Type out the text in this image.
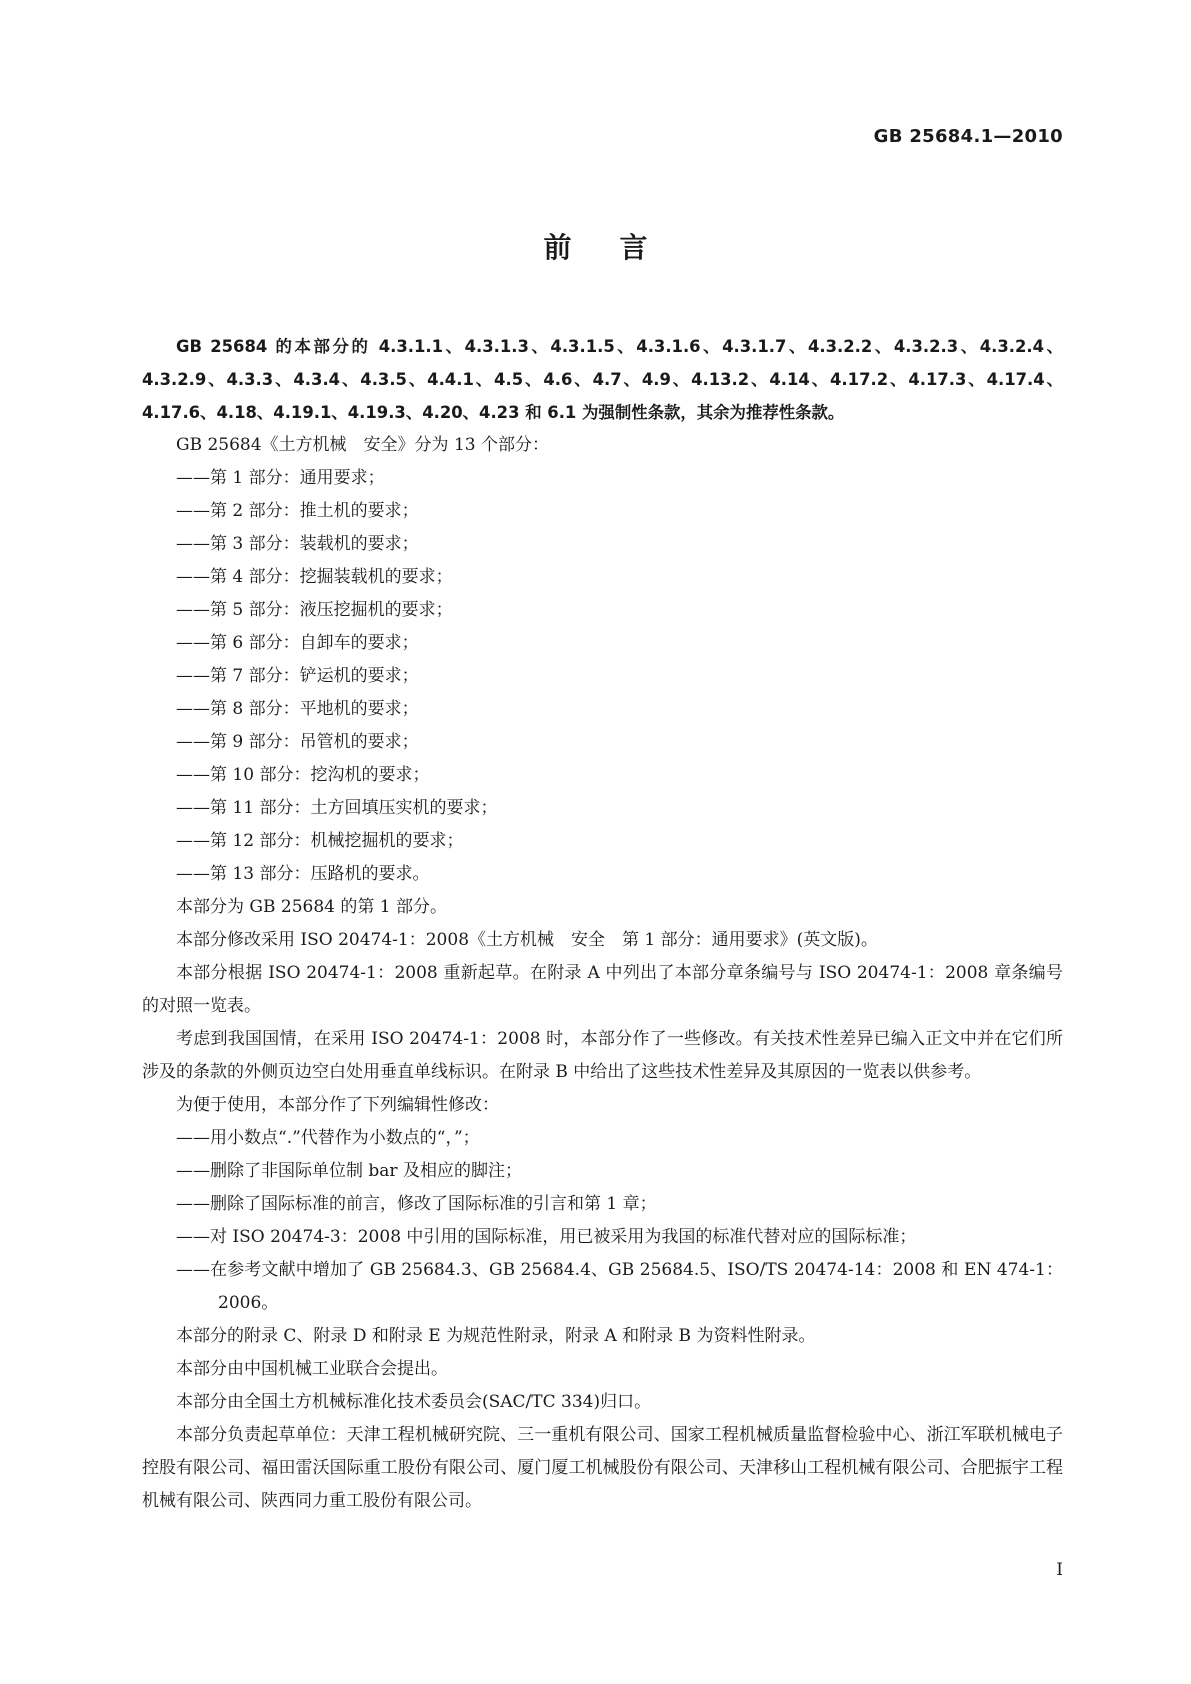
GB 25684.1—2010
前言

GB 25684 的本部分的 4.3.1.1、4.3.1.3、4.3.1.5、4.3.1.6、4.3.1.7、4.3.2.2、4.3.2.3、4.3.2.4、4.3.2.9、4.3.3、4.3.4、4.3.5、4.4.1、4.5、4.6、4.7、4.9、4.13.2、4.14、4.17.2、4.17.3、4.17.4、4.17.6、4.18、4.19.1、4.19.3、4.20、4.23 和 6.1 为强制性条款，其余为推荐性条款。

GB 25684《土方机械　安全》分为 13 个部分：

——第 1 部分：通用要求；

——第 2 部分：推土机的要求；

——第 3 部分：装载机的要求；

——第 4 部分：挖掘装载机的要求；

——第 5 部分：液压挖掘机的要求；

——第 6 部分：自卸车的要求；

——第 7 部分：铲运机的要求；

——第 8 部分：平地机的要求；

——第 9 部分：吊管机的要求；

——第 10 部分：挖沟机的要求；

——第 11 部分：土方回填压实机的要求；

——第 12 部分：机械挖掘机的要求；

——第 13 部分：压路机的要求。

本部分为 GB 25684 的第 1 部分。

本部分修改采用 ISO 20474-1：2008《土方机械　安全　第 1 部分：通用要求》(英文版)。

本部分根据 ISO 20474-1：2008 重新起草。在附录 A 中列出了本部分章条编号与 ISO 20474-1：2008 章条编号的对照一览表。

考虑到我国国情，在采用 ISO 20474-1：2008 时，本部分作了一些修改。有关技术性差异已编入正文中并在它们所涉及的条款的外侧页边空白处用垂直单线标识。在附录 B 中给出了这些技术性差异及其原因的一览表以供参考。

为便于使用，本部分作了下列编辑性修改：

——用小数点“.”代替作为小数点的“，”；

——删除了非国际单位制 bar 及相应的脚注；

——删除了国际标准的前言，修改了国际标准的引言和第 1 章；

——对 ISO 20474-3：2008 中引用的国际标准，用已被采用为我国的标准代替对应的国际标准；

——在参考文献中增加了 GB 25684.3、GB 25684.4、GB 25684.5、ISO/TS 20474-14：2008 和 EN 474-1：2006。

本部分的附录 C、附录 D 和附录 E 为规范性附录，附录 A 和附录 B 为资料性附录。

本部分由中国机械工业联合会提出。

本部分由全国土方机械标准化技术委员会(SAC/TC 334)归口。

本部分负责起草单位：天津工程机械研究院、三一重机有限公司、国家工程机械质量监督检验中心、浙江军联机械电子控股有限公司、福田雷沃国际重工股份有限公司、厦门厦工机械股份有限公司、天津移山工程机械有限公司、合肥振宇工程机械有限公司、陕西同力重工股份有限公司。

I
